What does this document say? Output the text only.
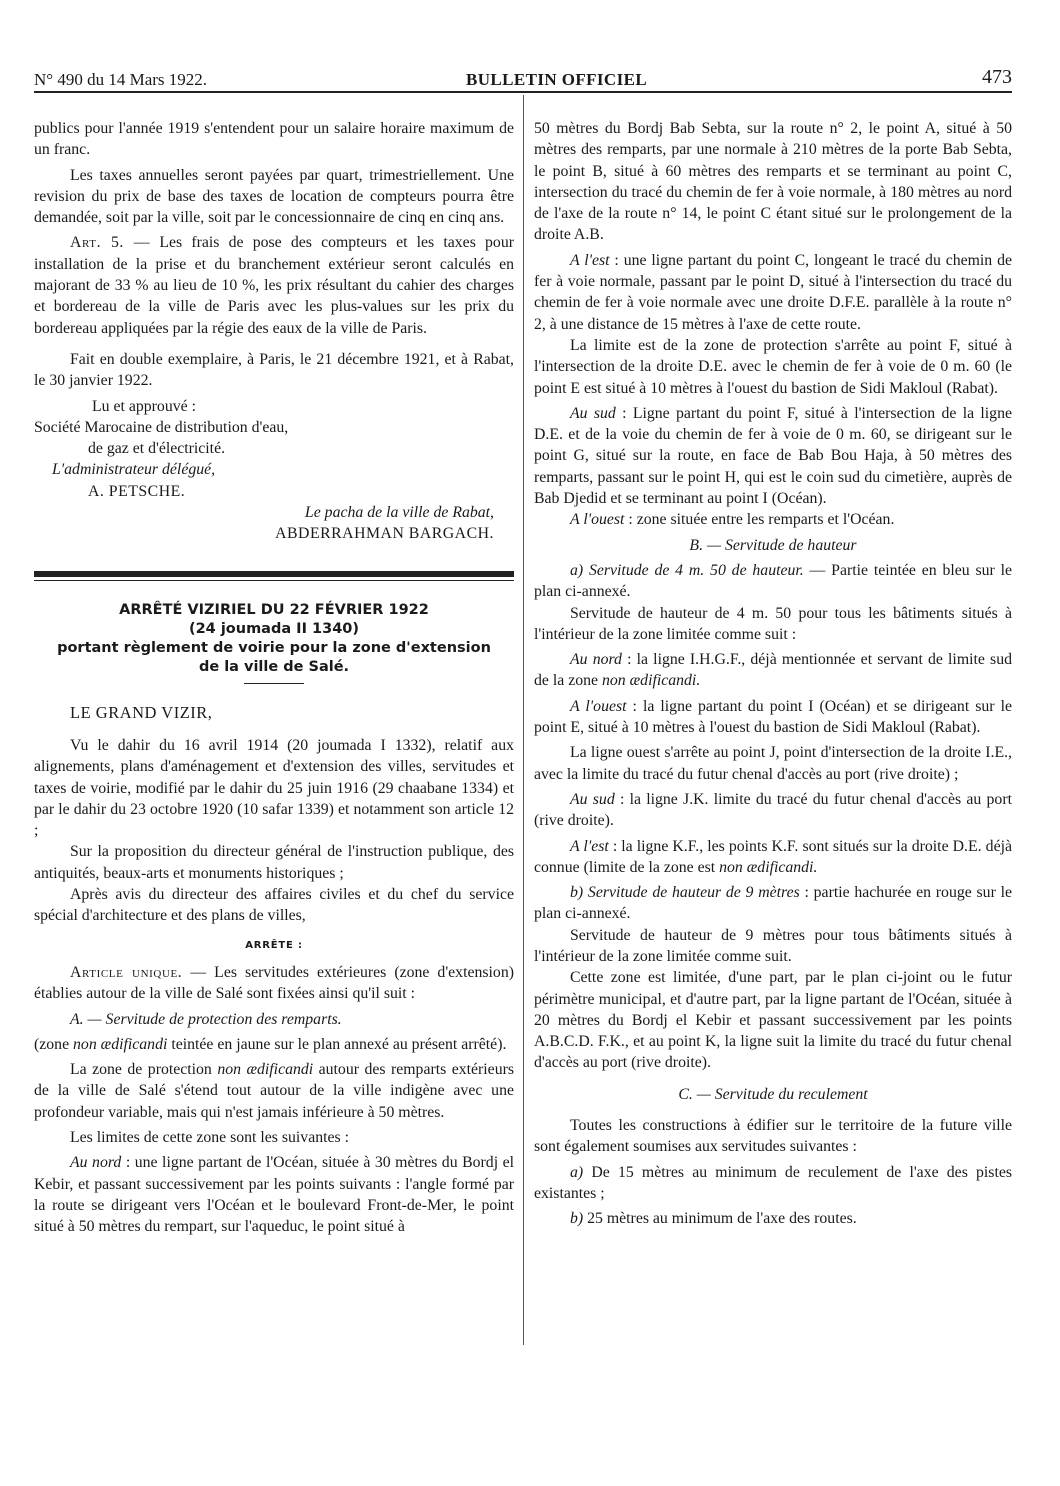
N° 490 du 14 Mars 1922.	BULLETIN OFFICIEL	473

publics pour l'année 1919 s'entendent pour un salaire horaire maximum de un franc.

Les taxes annuelles seront payées par quart, trimestriellement. Une revision du prix de base des taxes de location de compteurs pourra être demandée, soit par la ville, soit par le concessionnaire de cinq en cinq ans.

Art. 5. — Les frais de pose des compteurs et les taxes pour installation de la prise et du branchement extérieur seront calculés en majorant de 33 % au lieu de 10 %, les prix résultant du cahier des charges et bordereau de la ville de Paris avec les plus-values sur les prix du bordereau appliquées par la régie des eaux de la ville de Paris.

Fait en double exemplaire, à Paris, le 21 décembre 1921, et à Rabat, le 30 janvier 1922.

Lu et approuvé :

Société Marocaine de distribution d'eau,

de gaz et d'électricité.

L'administrateur délégué,

A. PETSCHE.

Le pacha de la ville de Rabat,

ABDERRAHMAN BARGACH.

ARRÊTÉ VIZIRIEL DU 22 FÉVRIER 1922

(24 joumada II 1340)

portant règlement de voirie pour la zone d'extension

de la ville de Salé.

LE GRAND VIZIR,

Vu le dahir du 16 avril 1914 (20 joumada I 1332), relatif aux alignements, plans d'aménagement et d'extension des villes, servitudes et taxes de voirie, modifié par le dahir du 25 juin 1916 (29 chaabane 1334) et par le dahir du 23 octobre 1920 (10 safar 1339) et notamment son article 12 ;

Sur la proposition du directeur général de l'instruction publique, des antiquités, beaux-arts et monuments historiques ;

Après avis du directeur des affaires civiles et du chef du service spécial d'architecture et des plans de villes,

ARRÊTE :

Article unique. — Les servitudes extérieures (zone d'extension) établies autour de la ville de Salé sont fixées ainsi qu'il suit :

A. — Servitude de protection des remparts.

(zone non ædificandi teintée en jaune sur le plan annexé au présent arrêté).

La zone de protection non ædificandi autour des remparts extérieurs de la ville de Salé s'étend tout autour de la ville indigène avec une profondeur variable, mais qui n'est jamais inférieure à 50 mètres.

Les limites de cette zone sont les suivantes :

Au nord : une ligne partant de l'Océan, située à 30 mètres du Bordj el Kebir, et passant successivement par les points suivants : l'angle formé par la route se dirigeant vers l'Océan et le boulevard Front-de-Mer, le point situé à 50 mètres du rempart, sur l'aqueduc, le point situé à

50 mètres du Bordj Bab Sebta, sur la route n° 2, le point A, situé à 50 mètres des remparts, par une normale à 210 mètres de la porte Bab Sebta, le point B, situé à 60 mètres des remparts et se terminant au point C, intersection du tracé du chemin de fer à voie normale, à 180 mètres au nord de l'axe de la route n° 14, le point C étant situé sur le prolongement de la droite A.B.

A l'est : une ligne partant du point C, longeant le tracé du chemin de fer à voie normale, passant par le point D, situé à l'intersection du tracé du chemin de fer à voie normale avec une droite D.F.E. parallèle à la route n° 2, à une distance de 15 mètres à l'axe de cette route.

La limite est de la zone de protection s'arrête au point F, situé à l'intersection de la droite D.E. avec le chemin de fer à voie de 0 m. 60 (le point E est situé à 10 mètres à l'ouest du bastion de Sidi Makloul (Rabat).

Au sud : Ligne partant du point F, situé à l'intersection de la ligne D.E. et de la voie du chemin de fer à voie de 0 m. 60, se dirigeant sur le point G, situé sur la route, en face de Bab Bou Haja, à 50 mètres des remparts, passant sur le point H, qui est le coin sud du cimetière, auprès de Bab Djedid et se terminant au point I (Océan).

A l'ouest : zone située entre les remparts et l'Océan.

B. — Servitude de hauteur

a) Servitude de 4 m. 50 de hauteur. — Partie teintée en bleu sur le plan ci-annexé.

Servitude de hauteur de 4 m. 50 pour tous les bâtiments situés à l'intérieur de la zone limitée comme suit :

Au nord : la ligne I.H.G.F., déjà mentionnée et servant de limite sud de la zone non ædificandi.

A l'ouest : la ligne partant du point I (Océan) et se dirigeant sur le point E, situé à 10 mètres à l'ouest du bastion de Sidi Makloul (Rabat).

La ligne ouest s'arrête au point J, point d'intersection de la droite I.E., avec la limite du tracé du futur chenal d'accès au port (rive droite) ;

Au sud : la ligne J.K. limite du tracé du futur chenal d'accès au port (rive droite).

A l'est : la ligne K.F., les points K.F. sont situés sur la droite D.E. déjà connue (limite de la zone est non ædificandi.

b) Servitude de hauteur de 9 mètres : partie hachurée en rouge sur le plan ci-annexé.

Servitude de hauteur de 9 mètres pour tous bâtiments situés à l'intérieur de la zone limitée comme suit.

Cette zone est limitée, d'une part, par le plan ci-joint ou le futur périmètre municipal, et d'autre part, par la ligne partant de l'Océan, située à 20 mètres du Bordj el Kebir et passant successivement par les points A.B.C.D. F.K., et au point K, la ligne suit la limite du tracé du futur chenal d'accès au port (rive droite).

C. — Servitude du reculement

Toutes les constructions à édifier sur le territoire de la future ville sont également soumises aux servitudes suivantes :

a) De 15 mètres au minimum de reculement de l'axe des pistes existantes ;

b) 25 mètres au minimum de l'axe des routes.
